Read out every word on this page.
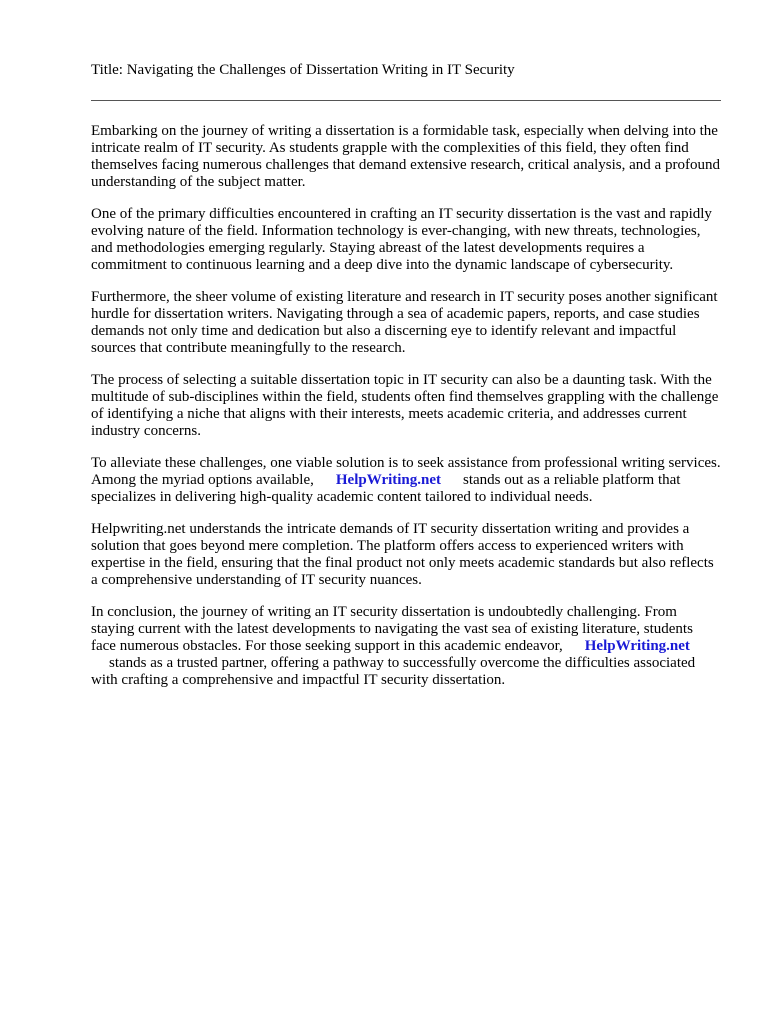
Title: Navigating the Challenges of Dissertation Writing in IT Security

Embarking on the journey of writing a dissertation is a formidable task, especially when delving into the intricate realm of IT security. As students grapple with the complexities of this field, they often find themselves facing numerous challenges that demand extensive research, critical analysis, and a profound understanding of the subject matter.

One of the primary difficulties encountered in crafting an IT security dissertation is the vast and rapidly evolving nature of the field. Information technology is ever-changing, with new threats, technologies, and methodologies emerging regularly. Staying abreast of the latest developments requires a commitment to continuous learning and a deep dive into the dynamic landscape of cybersecurity.

Furthermore, the sheer volume of existing literature and research in IT security poses another significant hurdle for dissertation writers. Navigating through a sea of academic papers, reports, and case studies demands not only time and dedication but also a discerning eye to identify relevant and impactful sources that contribute meaningfully to the research.

The process of selecting a suitable dissertation topic in IT security can also be a daunting task. With the multitude of sub-disciplines within the field, students often find themselves grappling with the challenge of identifying a niche that aligns with their interests, meets academic criteria, and addresses current industry concerns.

To alleviate these challenges, one viable solution is to seek assistance from professional writing services. Among the myriad options available, HelpWriting.net stands out as a reliable platform that specializes in delivering high-quality academic content tailored to individual needs.

Helpwriting.net understands the intricate demands of IT security dissertation writing and provides a solution that goes beyond mere completion. The platform offers access to experienced writers with expertise in the field, ensuring that the final product not only meets academic standards but also reflects a comprehensive understanding of IT security nuances.

In conclusion, the journey of writing an IT security dissertation is undoubtedly challenging. From staying current with the latest developments to navigating the vast sea of existing literature, students face numerous obstacles. For those seeking support in this academic endeavor, HelpWriting.net
stands as a trusted partner, offering a pathway to successfully overcome the difficulties associated with crafting a comprehensive and impactful IT security dissertation.
